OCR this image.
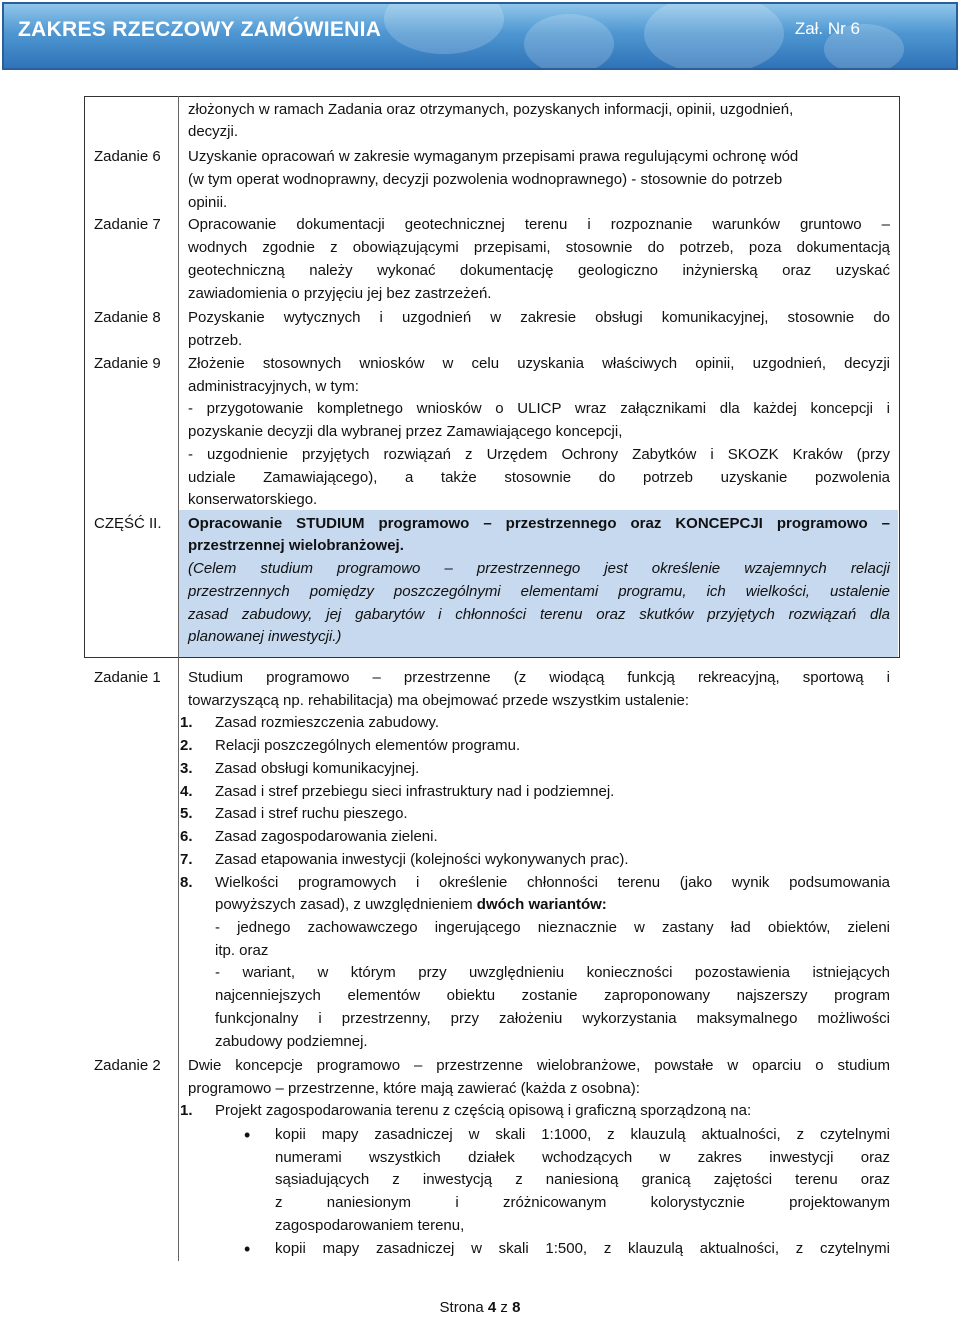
ZAKRES RZECZOWY ZAMÓWIENIA	Zał. Nr 6
złożonych w ramach Zadania oraz otrzymanych, pozyskanych informacji, opinii, uzgodnień,
decyzji.
Zadanie 6 Uzyskanie opracowań w zakresie wymaganym przepisami prawa regulującymi ochronę wód
(w tym operat wodnoprawny, decyzji pozwolenia wodnoprawnego) - stosownie do potrzeb
opinii.
Zadanie 7 Opracowanie dokumentacji geotechnicznej terenu i rozpoznanie warunków gruntowo –
wodnych zgodnie z obowiązującymi przepisami, stosownie do potrzeb, poza dokumentacją
geotechniczną należy wykonać dokumentację geologiczno inżynierską oraz uzyskać
zawiadomienia o przyjęciu jej bez zastrzeżeń.
Zadanie 8 Pozyskanie wytycznych i uzgodnień w zakresie obsługi komunikacyjnej, stosownie do
potrzeb.
Zadanie 9 Złożenie stosownych wniosków w celu uzyskania właściwych opinii, uzgodnień, decyzji
administracyjnych, w tym:
- przygotowanie kompletnego wniosków o ULICP wraz załącznikami dla każdej koncepcji i
pozyskanie decyzji dla wybranej przez Zamawiającego koncepcji,
- uzgodnienie przyjętych rozwiązań z Urzędem Ochrony Zabytków i SKOZK Kraków (przy
udziale Zamawiającego), a także stosownie do potrzeb uzyskanie pozwolenia
konserwatorskiego.
CZĘŚĆ II. Opracowanie STUDIUM programowo – przestrzennego oraz KONCEPCJI programowo –
przestrzennej wielobranżowej.
(Celem studium programowo – przestrzennego jest określenie wzajemnych relacji
przestrzennych pomiędzy poszczególnymi elementami programu, ich wielkości, ustalenie
zasad zabudowy, jej gabarytów i chłonności terenu oraz skutków przyjętych rozwiązań dla
planowanej inwestycji.)
Zadanie 1 Studium programowo – przestrzenne (z wiodącą funkcją rekreacyjną, sportową i
towarzyszącą np. rehabilitacja) ma obejmować przede wszystkim ustalenie:
1. Zasad rozmieszczenia zabudowy.
2. Relacji poszczególnych elementów programu.
3. Zasad obsługi komunikacyjnej.
4. Zasad i stref przebiegu sieci infrastruktury nad i podziemnej.
5. Zasad i stref ruchu pieszego.
6. Zasad zagospodarowania zieleni.
7. Zasad etapowania inwestycji (kolejności wykonywanych prac).
8. Wielkości programowych i określenie chłonności terenu (jako wynik podsumowania
powyższych zasad), z uwzględnieniem dwóch wariantów:
- jednego zachowawczego ingerującego nieznacznie w zastany ład obiektów, zieleni
itp. oraz
- wariant, w którym przy uwzględnieniu konieczności pozostawienia istniejących
najcenniejszych elementów obiektu zostanie zaproponowany najszerszy program
funkcjonalny i przestrzenny, przy założeniu wykorzystania maksymalnego możliwości
zabudowy podziemnej.
Zadanie 2 Dwie koncepcje programowo – przestrzenne wielobranżowe, powstałe w oparciu o studium
programowo – przestrzenne, które mają zawierać (każda z osobna):
1. Projekt zagospodarowania terenu z częścią opisową i graficzną sporządzoną na:
• kopii mapy zasadniczej w skali 1:1000, z klauzulą aktualności, z czytelnymi
numerami wszystkich działek wchodzących w zakres inwestycji oraz
sąsiadujących z inwestycją z naniesioną granicą zajętości terenu oraz
z naniesionym i zróżnicowanym kolorystycznie projektowanym
zagospodarowaniem terenu,
• kopii mapy zasadniczej w skali 1:500, z klauzulą aktualności, z czytelnymi
Strona 4 z 8
